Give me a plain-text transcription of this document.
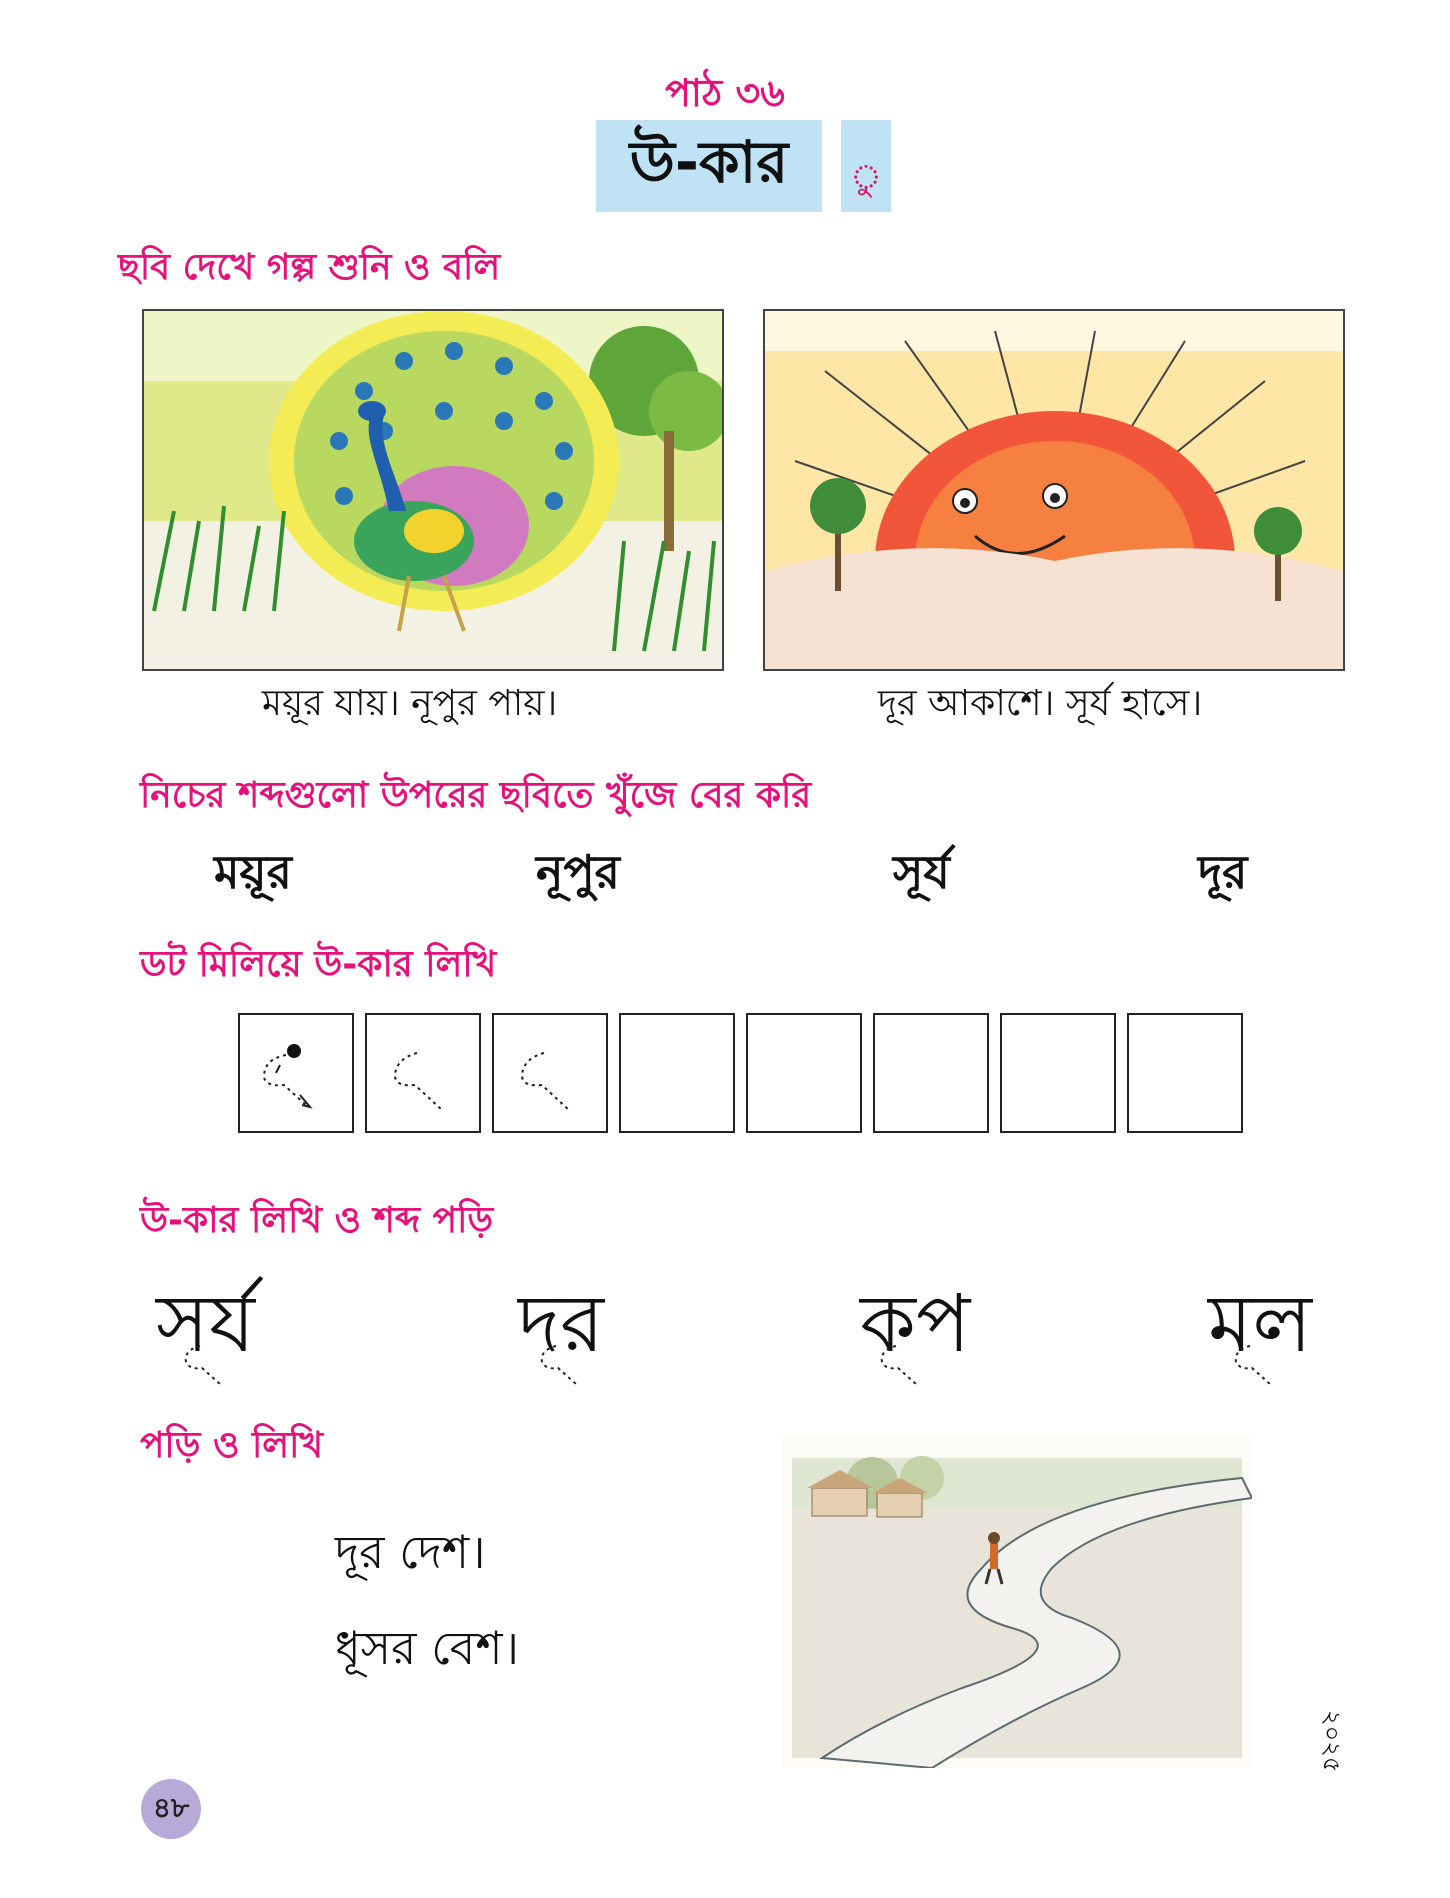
পাঠ ৩৬
উ-কার	ু
ছবি দেখে গল্প শুনি ও বলি
ময়ূর যায়। নূপুর পায়।	দূর আকাশে। সূর্য হাসে।
নিচের শব্দগুলো উপরের ছবিতে খুঁজে বের করি
ময়ূর	নূপুর	সূর্য	দূর
ডট মিলিয়ে উ-কার লিখি
উ-কার লিখি ও শব্দ পড়ি
সর্য	দর	কপ	মল
পড়ি ও লিখি
দূর দেশ।
ধূসর বেশ।
২০২৫
৪৮
